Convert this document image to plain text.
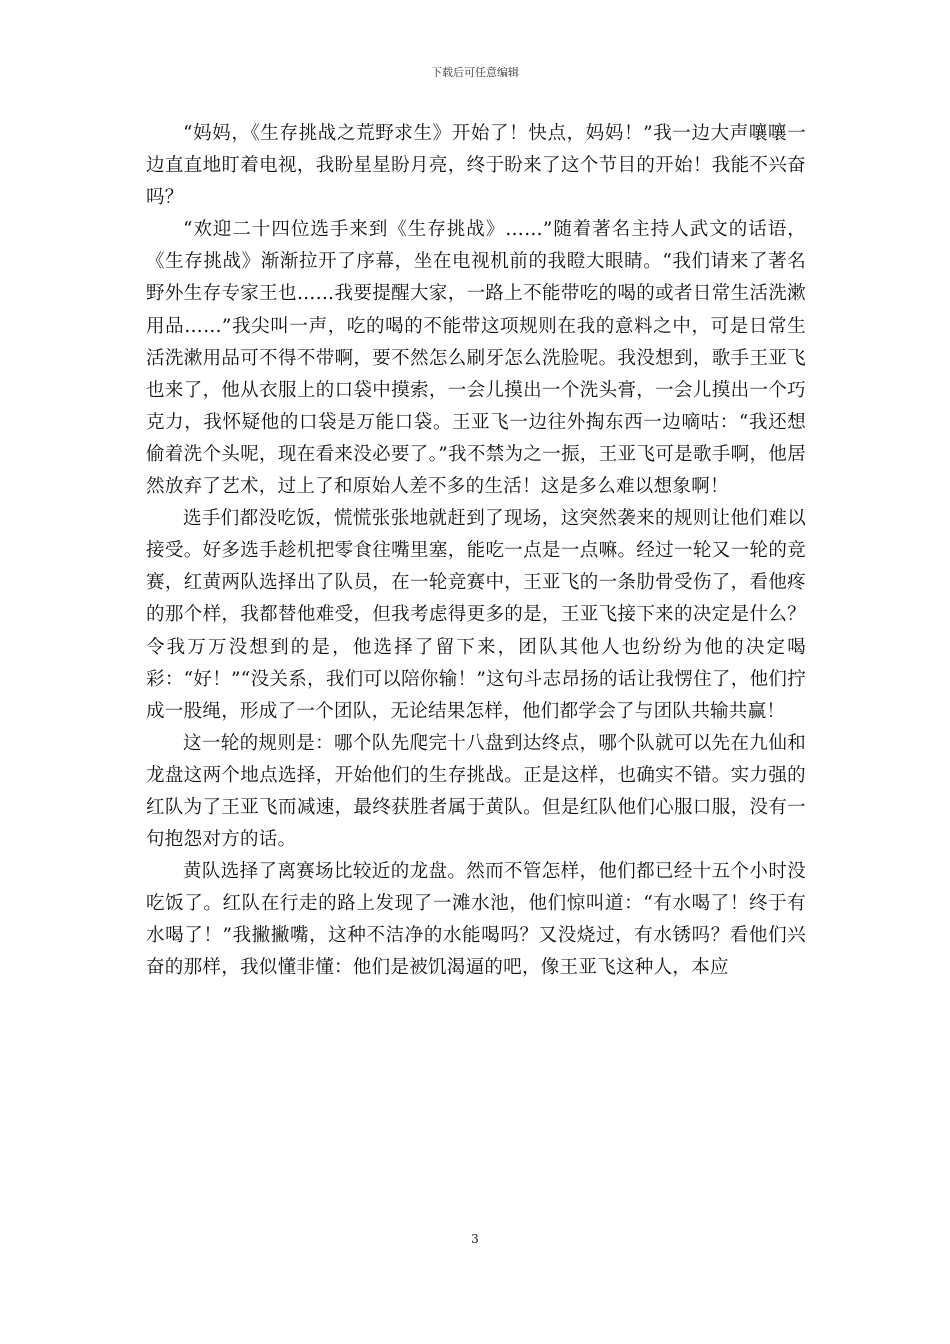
下载后可任意编辑

“妈妈，《生存挑战之荒野求生》开始了！快点，妈妈！”我一边大声嚷嚷一边直直地盯着电视，我盼星星盼月亮，终于盼来了这个节目的开始！我能不兴奋吗？

“欢迎二十四位选手来到《生存挑战》……”随着著名主持人武文的话语，《生存挑战》渐渐拉开了序幕，坐在电视机前的我瞪大眼睛。“我们请来了著名野外生存专家王也……我要提醒大家，一路上不能带吃的喝的或者日常生活洗漱用品……”我尖叫一声，吃的喝的不能带这项规则在我的意料之中，可是日常生活洗漱用品可不得不带啊，要不然怎么刷牙怎么洗脸呢。我没想到，歌手王亚飞也来了，他从衣服上的口袋中摸索，一会儿摸出一个洗头膏，一会儿摸出一个巧克力，我怀疑他的口袋是万能口袋。王亚飞一边往外掏东西一边嘀咕：“我还想偷着洗个头呢，现在看来没必要了。”我不禁为之一振，王亚飞可是歌手啊，他居然放弃了艺术，过上了和原始人差不多的生活！这是多么难以想象啊！

选手们都没吃饭，慌慌张张地就赶到了现场，这突然袭来的规则让他们难以接受。好多选手趁机把零食往嘴里塞，能吃一点是一点嘛。经过一轮又一轮的竞赛，红黄两队选择出了队员，在一轮竞赛中，王亚飞的一条肋骨受伤了，看他疼的那个样，我都替他难受，但我考虑得更多的是，王亚飞接下来的决定是什么？令我万万没想到的是，他选择了留下来，团队其他人也纷纷为他的决定喝彩：“好！”“没关系，我们可以陪你输！”这句斗志昂扬的话让我愣住了，他们拧成一股绳，形成了一个团队，无论结果怎样，他们都学会了与团队共输共赢！

这一轮的规则是：哪个队先爬完十八盘到达终点，哪个队就可以先在九仙和龙盘这两个地点选择，开始他们的生存挑战。正是这样，也确实不错。实力强的红队为了王亚飞而减速，最终获胜者属于黄队。但是红队他们心服口服，没有一句抱怨对方的话。

黄队选择了离赛场比较近的龙盘。然而不管怎样，他们都已经十五个小时没吃饭了。红队在行走的路上发现了一滩水池，他们惊叫道：“有水喝了！终于有水喝了！”我撇撇嘴，这种不洁净的水能喝吗？又没烧过，有水锈吗？看他们兴奋的那样，我似懂非懂：他们是被饥渴逼的吧，像王亚飞这种人，本应

3
